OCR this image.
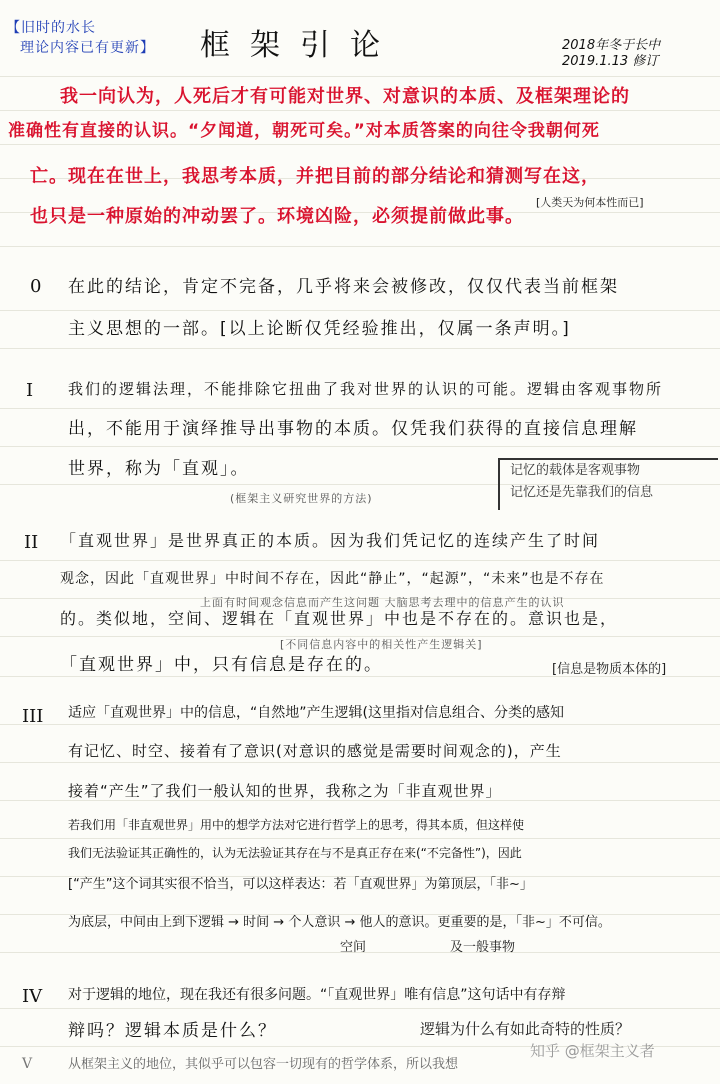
【旧时的水长
理论内容已有更新】	框架引论	2018年冬于长中
2019.1.13 修订
我一向认为，人死后才有可能对世界、对意识的本质、及框架理论的
准确性有直接的认识。“夕闻道，朝死可矣。”对本质答案的向往令我朝何死
亡。现在在世上，我思考本质，并把目前的部分结论和猜测写在这，
也只是一种原始的冲动罢了。环境凶险，必须提前做此事。
[人类天为何本性而已]
0 在此的结论，肯定不完备，几乎将来会被修改，仅仅代表当前框架
主义思想的一部。[以上论断仅凭经验推出，仅属一条声明。]
I 我们的逻辑法理，不能排除它扭曲了我对世界的认识的可能。逻辑由客观事物所
出，不能用于演绎推导出事物的本质。仅凭我们获得的直接信息理解
世界，称为「直观」。
(框架主义研究世界的方法)
记忆的载体是客观事物
记忆还是先靠我们的信息
II 「直观世界」是世界真正的本质。因为我们凭记忆的连续产生了时间
观念，因此「直观世界」中时间不存在，因此“静止”，“起源”，“未来”也是不存在
上面有时间观念信息而产生这问题 大脑思考去理中的信息产生的认识
的。类似地，空间、逻辑在「直观世界」中也是不存在的。意识也是，
[不同信息内容中的相关性产生逻辑关]
「直观世界」中，只有信息是存在的。	[信息是物质本体的]
III 适应「直观世界」中的信息，“自然地”产生逻辑(这里指对信息组合、分类的感知
有记忆、时空、接着有了意识(对意识的感觉是需要时间观念的)，产生
接着“产生”了我们一般认知的世界，我称之为「非直观世界」
若我们用「非直观世界」用中的想学方法对它进行哲学上的思考，得其本质，但这样使
我们无法验证其正确性的，认为无法验证其存在与不是真正存在来(“不完备性”)，因此
[“产生”这个词其实很不恰当，可以这样表达：若「直观世界」为第顶层，「非~」
为底层，中间由上到下逻辑 → 时间 → 个人意识 → 他人的意识。更重要的是，「非~」不可信。
空间	及一般事物
IV 对于逻辑的地位，现在我还有很多问题。“「直观世界」唯有信息”这句话中有存辩
辩吗？逻辑本质是什么？	逻辑为什么有如此奇特的性质？
V	从框架主义的地位，其似乎可以包容一切现有的哲学体系，所以我想
知乎 @框架主义者
